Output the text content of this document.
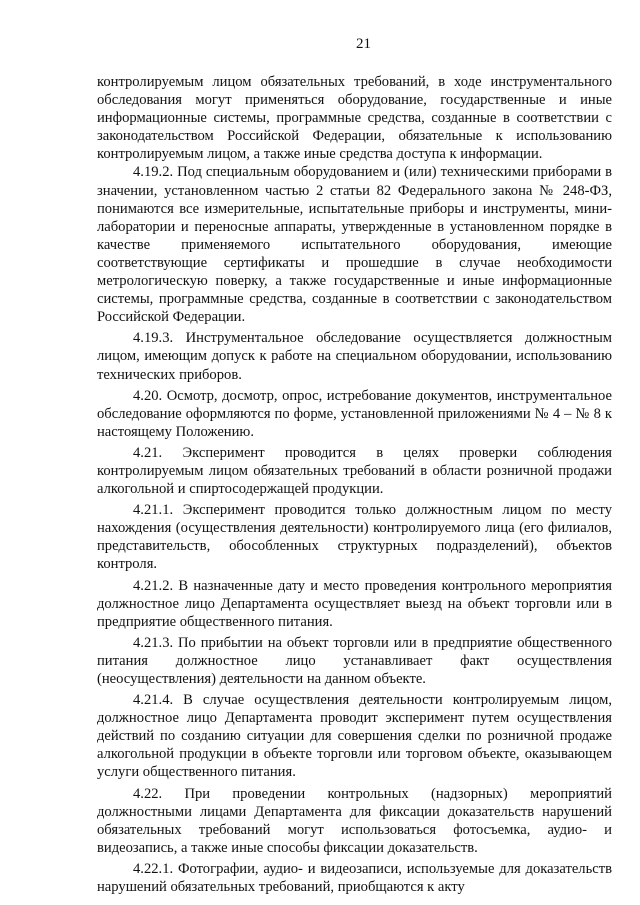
21

контролируемым лицом обязательных требований, в ходе инструментального обследования могут применяться оборудование, государственные и иные информационные системы, программные средства, созданные в соответствии с законодательством Российской Федерации, обязательные к использованию контролируемым лицом, а также иные средства доступа к информации.

4.19.2. Под специальным оборудованием и (или) техническими приборами в значении, установленном частью 2 статьи 82 Федерального закона № 248-ФЗ, понимаются все измерительные, испытательные приборы и инструменты, мини-лаборатории и переносные аппараты, утвержденные в установленном порядке в качестве применяемого испытательного оборудования, имеющие соответствующие сертификаты и прошедшие в случае необходимости метрологическую поверку, а также государственные и иные информационные системы, программные средства, созданные в соответствии с законодательством Российской Федерации.

4.19.3. Инструментальное обследование осуществляется должностным лицом, имеющим допуск к работе на специальном оборудовании, использованию технических приборов.

4.20. Осмотр, досмотр, опрос, истребование документов, инструментальное обследование оформляются по форме, установленной приложениями № 4 – № 8 к настоящему Положению.

4.21. Эксперимент проводится в целях проверки соблюдения контролируемым лицом обязательных требований в области розничной продажи алкогольной и спиртосодержащей продукции.

4.21.1. Эксперимент проводится только должностным лицом по месту нахождения (осуществления деятельности) контролируемого лица (его филиалов, представительств, обособленных структурных подразделений), объектов контроля.

4.21.2. В назначенные дату и место проведения контрольного мероприятия должностное лицо Департамента осуществляет выезд на объект торговли или в предприятие общественного питания.

4.21.3. По прибытии на объект торговли или в предприятие общественного питания должностное лицо устанавливает факт осуществления (неосуществления) деятельности на данном объекте.

4.21.4. В случае осуществления деятельности контролируемым лицом, должностное лицо Департамента проводит эксперимент путем осуществления действий по созданию ситуации для совершения сделки по розничной продаже алкогольной продукции в объекте торговли или торговом объекте, оказывающем услуги общественного питания.

4.22. При проведении контрольных (надзорных) мероприятий должностными лицами Департамента для фиксации доказательств нарушений обязательных требований могут использоваться фотосъемка, аудио- и видеозапись, а также иные способы фиксации доказательств.

4.22.1. Фотографии, аудио- и видеозаписи, используемые для доказательств нарушений обязательных требований, приобщаются к акту
